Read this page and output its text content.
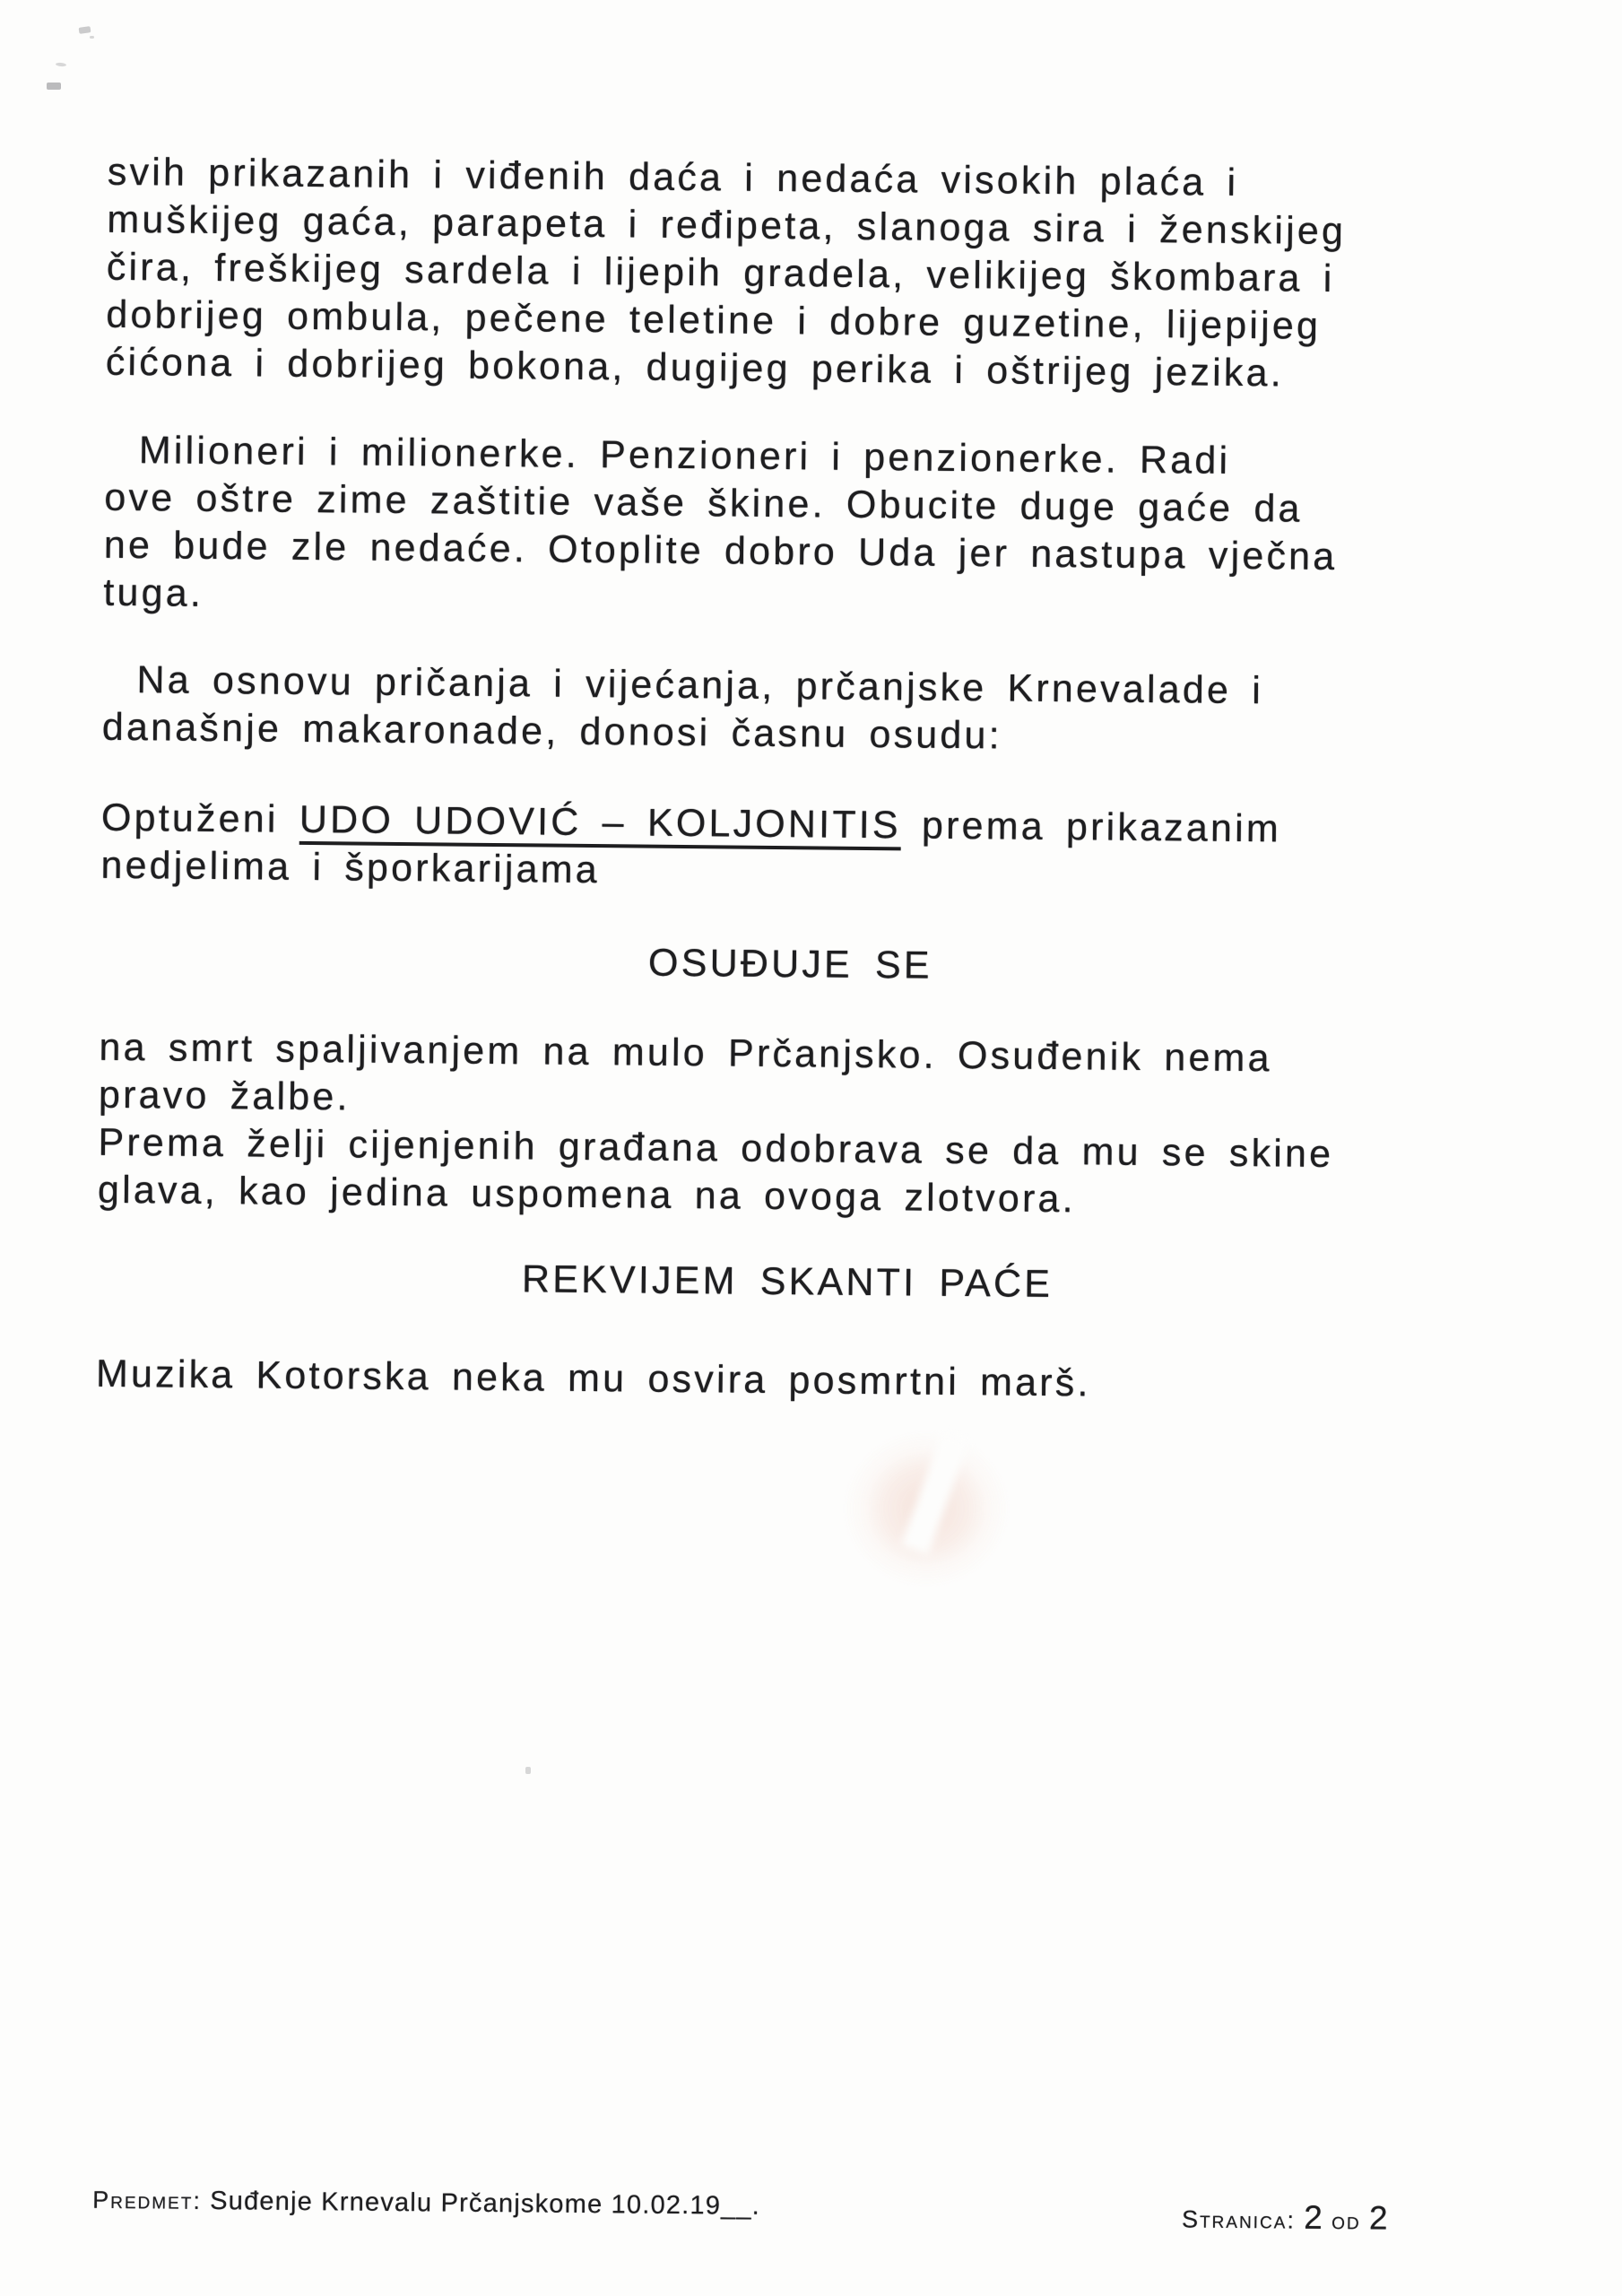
svih prikazanih i viđenih daća i nedaća visokih plaća i
muškijeg gaća, parapeta i ređipeta, slanoga sira i ženskijeg
čira, freškijeg sardela i lijepih gradela, velikijeg škombara i
dobrijeg ombula, pečene teletine i dobre guzetine, lijepijeg
ćićona i dobrijeg bokona, dugijeg perika i oštrijeg jezika.
Milioneri i milionerke. Penzioneri i penzionerke. Radi
ove oštre zime zaštitie vaše škine. Obucite duge gaće da
ne bude zle nedaće. Otoplite dobro Uda jer nastupa vječna
tuga.
Na osnovu pričanja i vijećanja, prčanjske Krnevalade i
današnje makaronade, donosi časnu osudu:
Optuženi UDO UDOVIĆ – KOLJONITIS prema prikazanim
nedjelima i šporkarijama
OSUĐUJE SE
na smrt spaljivanjem na mulo Prčanjsko. Osuđenik nema
pravo žalbe.
Prema želji cijenjenih građana odobrava se da mu se skine
glava, kao jedina uspomena na ovoga zlotvora.
REKVIJEM SKANTI PAĆE
Muzika Kotorska neka mu osvira posmrtni marš.
Predmet: Suđenje Krnevalu Prčanjskome 10.02.19__.	Stranica: 2 od 2
